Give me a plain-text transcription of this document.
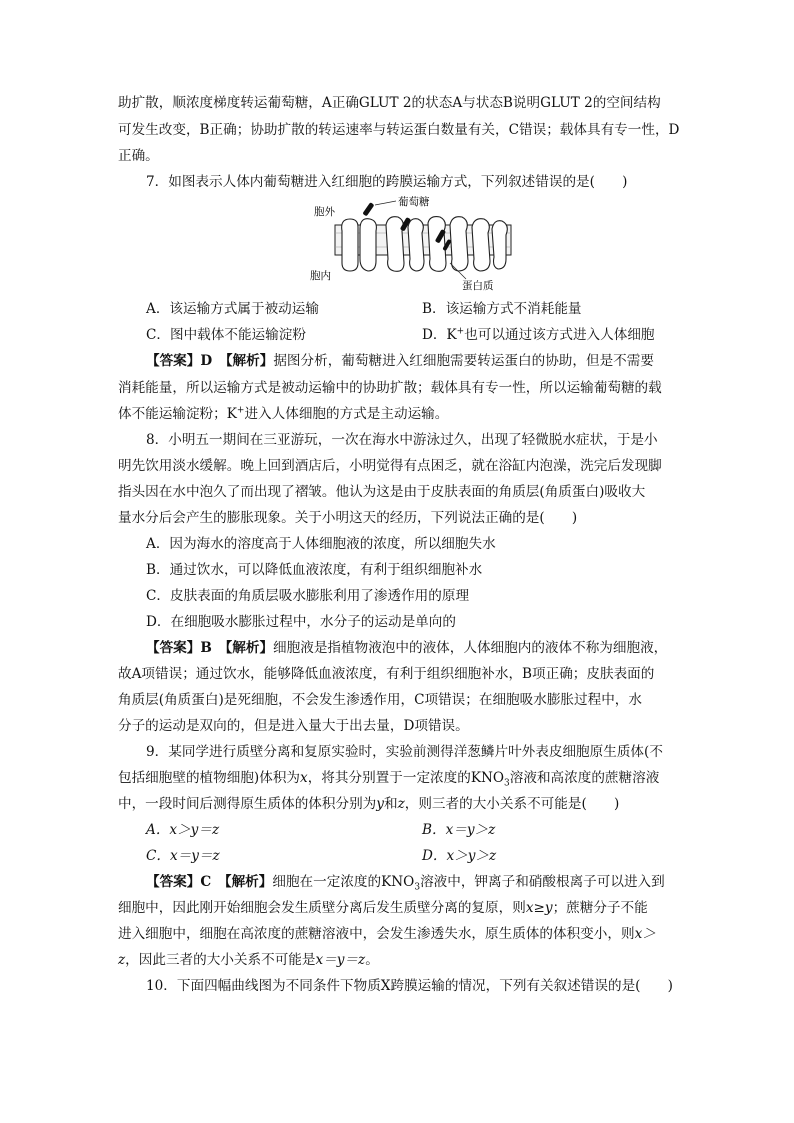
助扩散，顺浓度梯度转运葡萄糖，A正确GLUT 2的状态A与状态B说明GLUT 2的空间结构
可发生改变，B正确；协助扩散的转运速率与转运蛋白数量有关，C错误；载体具有专一性，D
正确。
7．如图表示人体内葡萄糖进入红细胞的跨膜运输方式，下列叙述错误的是(　　)
胞外
胞内
葡萄糖
蛋白质
A．该运输方式属于被动运输	B．该运输方式不消耗能量
C．图中载体不能运输淀粉	D．K+也可以通过该方式进入人体细胞
【答案】D　【解析】据图分析，葡萄糖进入红细胞需要转运蛋白的协助，但是不需要
消耗能量，所以运输方式是被动运输中的协助扩散；载体具有专一性，所以运输葡萄糖的载
体不能运输淀粉；K+进入人体细胞的方式是主动运输。
8．小明五一期间在三亚游玩，一次在海水中游泳过久，出现了轻微脱水症状，于是小
明先饮用淡水缓解。晚上回到酒店后，小明觉得有点困乏，就在浴缸内泡澡，洗完后发现脚
指头因在水中泡久了而出现了褶皱。他认为这是由于皮肤表面的角质层(角质蛋白)吸收大
量水分后会产生的膨胀现象。关于小明这天的经历，下列说法正确的是(　　)
A．因为海水的溶度高于人体细胞液的浓度，所以细胞失水
B．通过饮水，可以降低血液浓度，有利于组织细胞补水
C．皮肤表面的角质层吸水膨胀利用了渗透作用的原理
D．在细胞吸水膨胀过程中，水分子的运动是单向的
【答案】B　【解析】细胞液是指植物液泡中的液体，人体细胞内的液体不称为细胞液，
故A项错误；通过饮水，能够降低血液浓度，有利于组织细胞补水，B项正确；皮肤表面的
角质层(角质蛋白)是死细胞，不会发生渗透作用，C项错误；在细胞吸水膨胀过程中，水
分子的运动是双向的，但是进入量大于出去量，D项错误。
9．某同学进行质壁分离和复原实验时，实验前测得洋葱鳞片叶外表皮细胞原生质体(不
包括细胞壁的植物细胞)体积为x，将其分别置于一定浓度的$KNO_3$溶液和高浓度的蔗糖溶液
中，一段时间后测得原生质体的体积分别为y和z，则三者的大小关系不可能是(　　)
A．x＞y＝z	B．x＝y＞z
C．x＝y＝z	D．x＞y＞z
【答案】C　【解析】细胞在一定浓度的$KNO_3$溶液中，钾离子和硝酸根离子可以进入到
细胞中，因此刚开始细胞会发生质壁分离后发生质壁分离的复原，则x≥y；蔗糖分子不能
进入细胞中，细胞在高浓度的蔗糖溶液中，会发生渗透失水，原生质体的体积变小，则x＞
z，因此三者的大小关系不可能是x＝y＝z。
10．下面四幅曲线图为不同条件下物质X跨膜运输的情况，下列有关叙述错误的是(　　)
